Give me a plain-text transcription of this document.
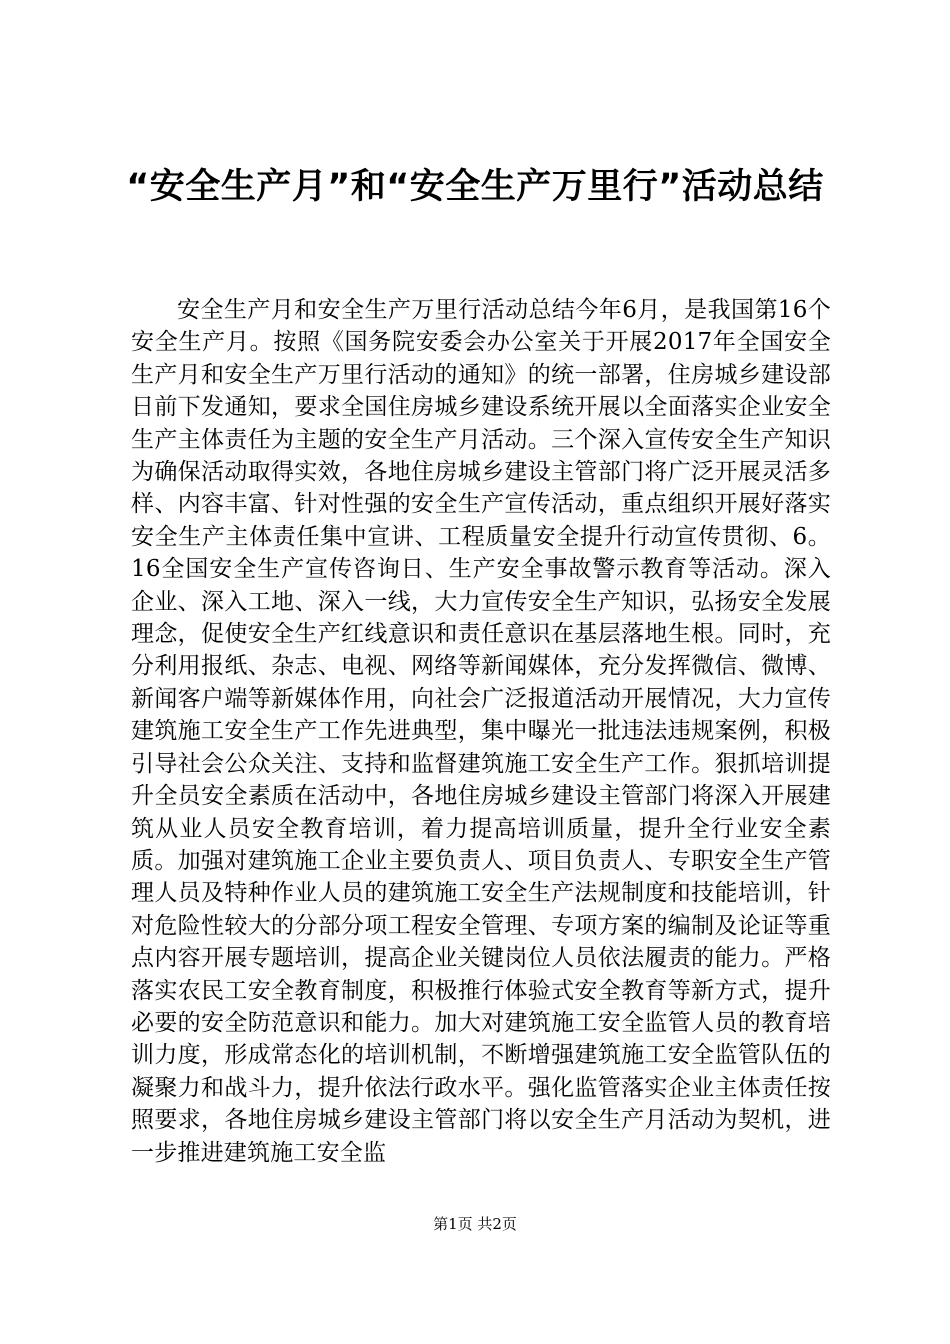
“安全生产月”和“安全生产万里行”活动总结

安全生产月和安全生产万里行活动总结今年6月，是我国第16个安全生产月。按照《国务院安委会办公室关于开展2017年全国安全生产月和安全生产万里行活动的通知》的统一部署，住房城乡建设部日前下发通知，要求全国住房城乡建设系统开展以全面落实企业安全生产主体责任为主题的安全生产月活动。三个深入宣传安全生产知识为确保活动取得实效，各地住房城乡建设主管部门将广泛开展灵活多样、内容丰富、针对性强的安全生产宣传活动，重点组织开展好落实安全生产主体责任集中宣讲、工程质量安全提升行动宣传贯彻、6。16全国安全生产宣传咨询日、生产安全事故警示教育等活动。深入企业、深入工地、深入一线，大力宣传安全生产知识，弘扬安全发展理念，促使安全生产红线意识和责任意识在基层落地生根。同时，充分利用报纸、杂志、电视、网络等新闻媒体，充分发挥微信、微博、新闻客户端等新媒体作用，向社会广泛报道活动开展情况，大力宣传建筑施工安全生产工作先进典型，集中曝光一批违法违规案例，积极引导社会公众关注、支持和监督建筑施工安全生产工作。狠抓培训提升全员安全素质在活动中，各地住房城乡建设主管部门将深入开展建筑从业人员安全教育培训，着力提高培训质量，提升全行业安全素质。加强对建筑施工企业主要负责人、项目负责人、专职安全生产管理人员及特种作业人员的建筑施工安全生产法规制度和技能培训，针对危险性较大的分部分项工程安全管理、专项方案的编制及论证等重点内容开展专题培训，提高企业关键岗位人员依法履责的能力。严格落实农民工安全教育制度，积极推行体验式安全教育等新方式，提升必要的安全防范意识和能力。加大对建筑施工安全监管人员的教育培训力度，形成常态化的培训机制，不断增强建筑施工安全监管队伍的凝聚力和战斗力，提升依法行政水平。强化监管落实企业主体责任按照要求，各地住房城乡建设主管部门将以安全生产月活动为契机，进一步推进建筑施工安全监

第1页 共2页
